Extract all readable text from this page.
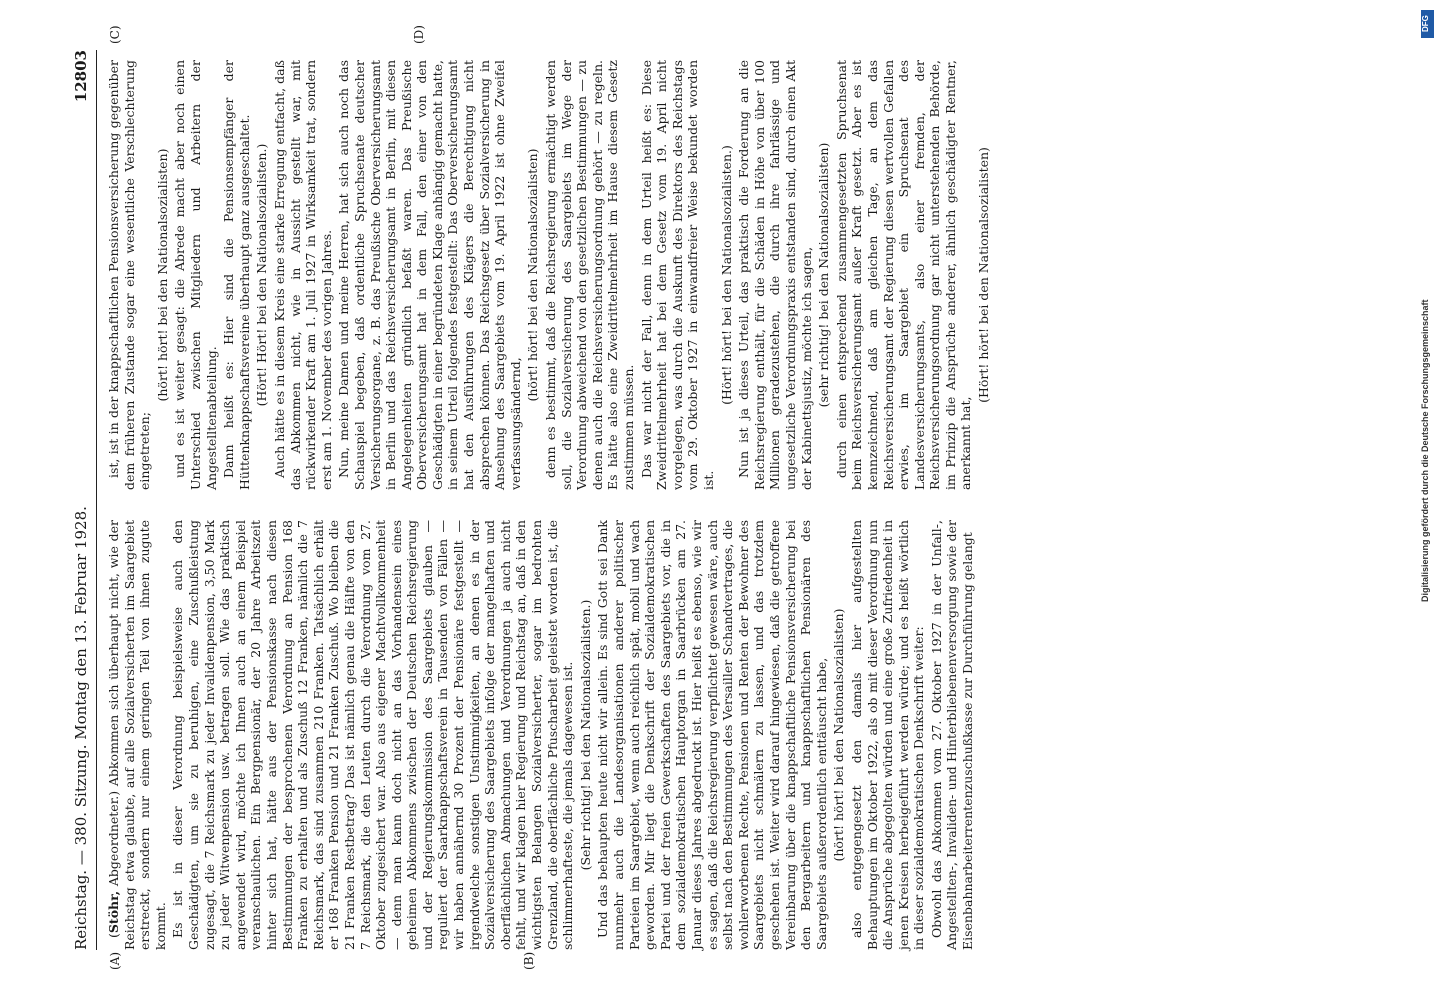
Reichstag. — 380. Sitzung. Montag den 13. Februar 1928.
12803
(A)	(B)
(C)	(D)

(Stöhr, Abgeordneter.) Abkommen sich überhaupt nicht, wie der Reichstag etwa glaubte, auf alle Sozialversicherten im Saargebiet erstreckt, sondern nur einem geringen Teil von ihnen zugute kommt. Es ist in dieser Verordnung beispielsweise auch den Geschädigten, um sie zu beruhigen, eine Zuschußleistung zugesagt, die 7 Reichsmark zu jeder Invalidenpension, 3,50 Mark zu jeder Witwenpension usw. betragen soll. Wie das praktisch angewendet wird, möchte ich Ihnen auch an einem Beispiel veranschaulichen. Ein Bergpensionär, der 20 Jahre Arbeitszeit hinter sich hat, hätte aus der Pensionskasse nach diesen Bestimmungen der besprochenen Verordnung an Pension 168 Franken zu erhalten und als Zuschuß 12 Franken, nämlich die 7 Reichsmark, das sind zusammen 210 Franken. Tatsächlich erhält er 168 Franken Pension und 21 Franken Zuschuß. Wo bleiben die 21 Franken Restbetrag? Das ist nämlich genau die Hälfte von den 7 Reichsmark, die den Leuten durch die Verordnung vom 27. Oktober zugesichert war. Also aus eigener Machtvollkommenheit — denn man kann doch nicht an das Vorhandensein eines geheimen Abkommens zwischen der Deutschen Reichsregierung und der Regierungskommission des Saargebiets glauben — reguliert der Saarknappschaftsverein in Tausenden von Fällen — wir haben annähernd 30 Prozent der Pensionäre festgestellt — irgendwelche sonstigen Unstimmigkeiten, an denen es in der Sozialversicherung des Saargebiets infolge der mangelhaften und oberflächlichen Abmachungen und Verordnungen ja auch nicht fehlt, und wir klagen hier Regierung und Reichstag an, daß in den wichtigsten Belangen Sozialversicherter, sogar im bedrohten Grenzland, die oberflächliche Pfuscharbeit geleistet worden ist, die schlimmerhafteste, die jemals dagewesen ist. (Sehr richtig! bei den Nationalsozialisten.) Und das behaupten heute nicht wir allein. Es sind Gott sei Dank nunmehr auch die Landesorganisationen anderer politischer Parteien im Saargebiet, wenn auch reichlich spät, mobil und wach geworden. Mir liegt die Denkschrift der Sozialdemokratischen Partei und der freien Gewerkschaften des Saargebiets vor, die in dem sozialdemokratischen Hauptorgan in Saarbrücken am 27. Januar dieses Jahres abgedruckt ist. Hier heißt es ebenso, wie wir es sagen, daß die Reichsregierung verpflichtet gewesen wäre, auch selbst nach den Bestimmungen des Versailler Schandvertrages, die wohlerworbenen Rechte, Pensionen und Renten der Bewohner des Saargebiets nicht schmälern zu lassen, und das trotzdem geschehen ist. Weiter wird darauf hingewiesen, daß die getroffene Vereinbarung über die knappschaftliche Pensionsversicherung bei den Bergarbeitern und knappschaftlichen Pensionären des Saargebiets außerordentlich enttäuscht habe, (hört! hört! bei den Nationalsozialisten) also entgegengesetzt den damals hier aufgestellten Behauptungen im Oktober 1922, als ob mit dieser Verordnung nun die Ansprüche abgegolten würden und eine große Zufriedenheit in jenen Kreisen herbeigeführt werden würde; und es heißt wörtlich in dieser sozialdemokratischen Denkschrift weiter: Obwohl das Abkommen vom 27. Oktober 1927 in der Unfall-, Angestellten-, Invaliden- und Hinterbliebenenversorgung sowie der Eisenbahnarbeiterrentenzuschußkasse zur Durchführung gelangt

ist, ist in der knappschaftlichen Pensionsversicherung gegenüber dem früheren Zustande sogar eine wesentliche Verschlechterung eingetreten;

(hört! hört! bei den Nationalsozialisten) und es ist weiter gesagt: die Abrede macht aber noch einen Unterschied zwischen Mitgliedern und Arbeitern der Angestelltenabteilung. Dann heißt es: Hier sind die Pensionsempfänger der Hüttenknappschaftsvereine überhaupt ganz ausgeschaltet. (Hört! Hört! bei den Nationalsozialisten.) Auch hätte es in diesem Kreis eine starke Erregung entfacht, daß das Abkommen nicht, wie in Aussicht gestellt war, mit rückwirkender Kraft am 1. Juli 1927 in Wirksamkeit trat, sondern erst am 1. November des vorigen Jahres. Nun, meine Damen und meine Herren, hat sich auch noch das Schauspiel begeben, daß ordentliche Spruchsenate deutscher Versicherungsorgane, z. B. das Preußische Oberversicherungsamt in Berlin und das Reichsversicherungsamt in Berlin, mit diesen Angelegenheiten gründlich befaßt waren. Das Preußische Oberversicherungsamt hat in dem Fall, den einer von den Geschädigten in einer begründeten Klage anhängig gemacht hatte, in seinem Urteil folgendes festgestellt: Das Oberversicherungsamt hat den Ausführungen des Klägers die Berechtigung nicht absprechen können. Das Reichsgesetz über Sozialversicherung in Ansehung des Saargebiets vom 19. April 1922 ist ohne Zweifel verfassungsändernd,

(hört! hört! bei den Nationalsozialisten) denn es bestimmt, daß die Reichsregierung ermächtigt werden soll, die Sozialversicherung des Saargebiets im Wege der Verordnung abweichend von den gesetzlichen Bestimmungen — zu denen auch die Reichsversicherungsordnung gehört — zu regeln. Es hätte also eine Zweidrittelmehrheit im Hause diesem Gesetz zustimmen müssen. Das war nicht der Fall, denn in dem Urteil heißt es: Diese Zweidrittelmehrheit hat bei dem Gesetz vom 19. April nicht vorgelegen, was durch die Auskunft des Direktors des Reichstags vom 29. Oktober 1927 in einwandfreier Weise bekundet worden ist.

(Hört! hört! bei den Nationalsozialisten.) Nun ist ja dieses Urteil, das praktisch die Forderung an die Reichsregierung enthält, für die Schäden in Höhe von über 100 Millionen geradezustehen, die durch ihre fahrlässige und ungesetzliche Verordnungspraxis entstanden sind, durch einen Akt der Kabinettsjustiz, möchte ich sagen, (sehr richtig! bei den Nationalsozialisten) durch einen entsprechend zusammengesetzten Spruchsenat beim Reichsversicherungsamt außer Kraft gesetzt. Aber es ist kennzeichnend, daß am gleichen Tage, an dem das Reichsversicherungsamt der Regierung diesen wertvollen Gefallen erwies, im Saargebiet ein Spruchsenat des Landesversicherungsamts, also einer fremden, der Reichsversicherungsordnung gar nicht unterstehenden Behörde, im Prinzip die Ansprüche anderer, ähnlich geschädigter Rentner, anerkannt hat,

(Hört! hört! bei den Nationalsozialisten)

DFG
Digitalisierung gefördert durch die Deutsche Forschungsgemeinschaft
